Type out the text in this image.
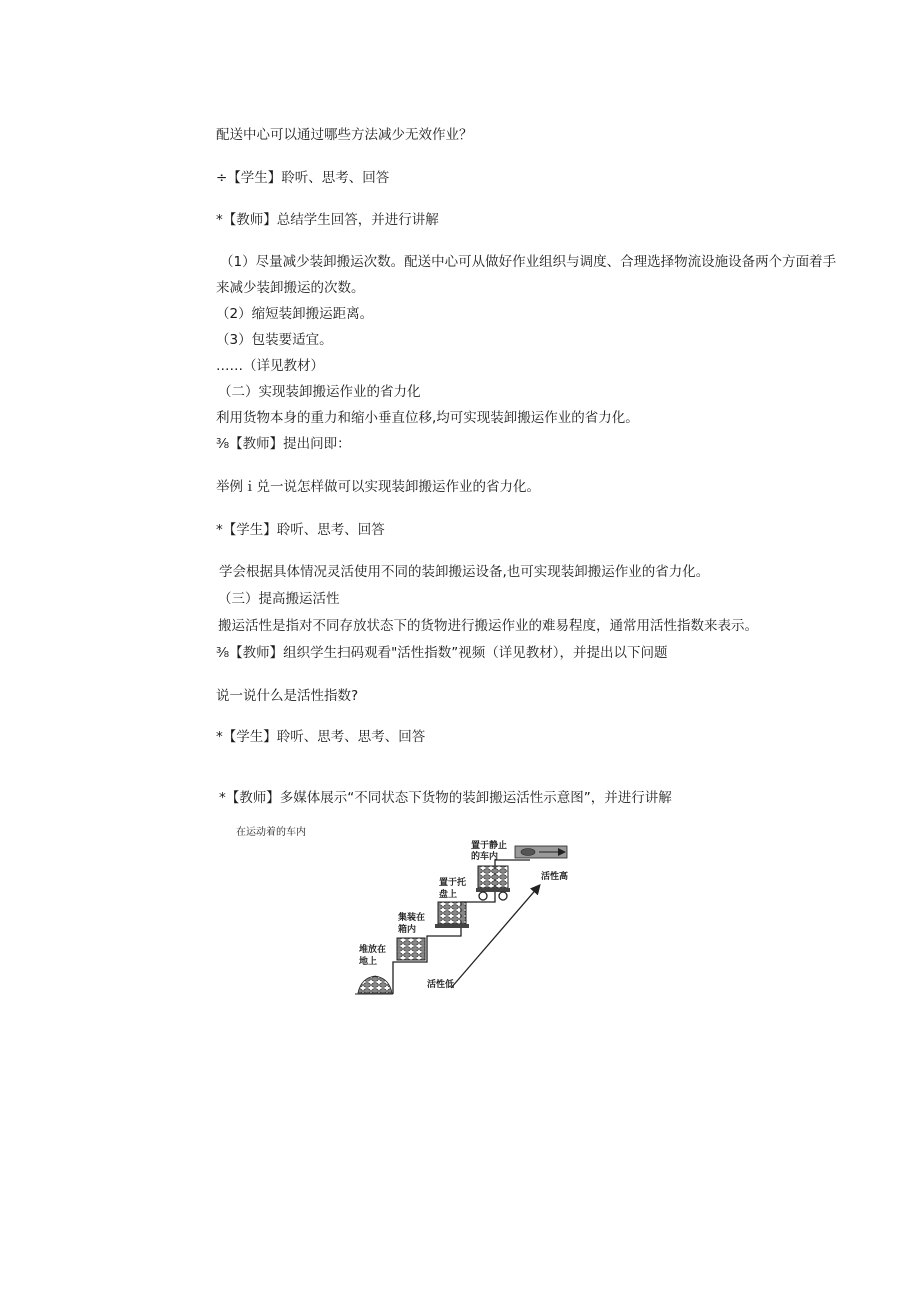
配送中心可以通过哪些方法减少无效作业？
÷【学生】聆听、思考、回答
*【教师】总结学生回答，并进行讲解
（1）尽量减少装卸搬运次数。配送中心可从做好作业组织与调度、合理选择物流设施设备两个方面着手
来减少装卸搬运的次数。
（2）缩短装卸搬运距离。
（3）包装要适宜。
……（详见教材）
（二）实现装卸搬运作业的省力化
利用货物本身的重力和缩小垂直位移,均可实现装卸搬运作业的省力化。
⅜【教师】提出问即：
举例ｉ兑一说怎样做可以实现装卸搬运作业的省力化。
*【学生】聆听、思考、回答
学会根据具体情况灵活使用不同的装卸搬运设备,也可实现装卸搬运作业的省力化。
（三）提高搬运活性
搬运活性是指对不同存放状态下的货物进行搬运作业的难易程度，通常用活性指数来表示。
⅜【教师】组织学生扫码观看"活性指数”视频（详见教材），并提出以下问题
说一说什么是活性指数?
*【学生】聆听、思考、思考、回答
*【教师】多媒体展示“不同状态下货物的装卸搬运活性示意图”，并进行讲解
在运动着的车内
堆放在
地上
集装在
箱内
置于托
盘上
置于静止
的车内
活性高
活性低
